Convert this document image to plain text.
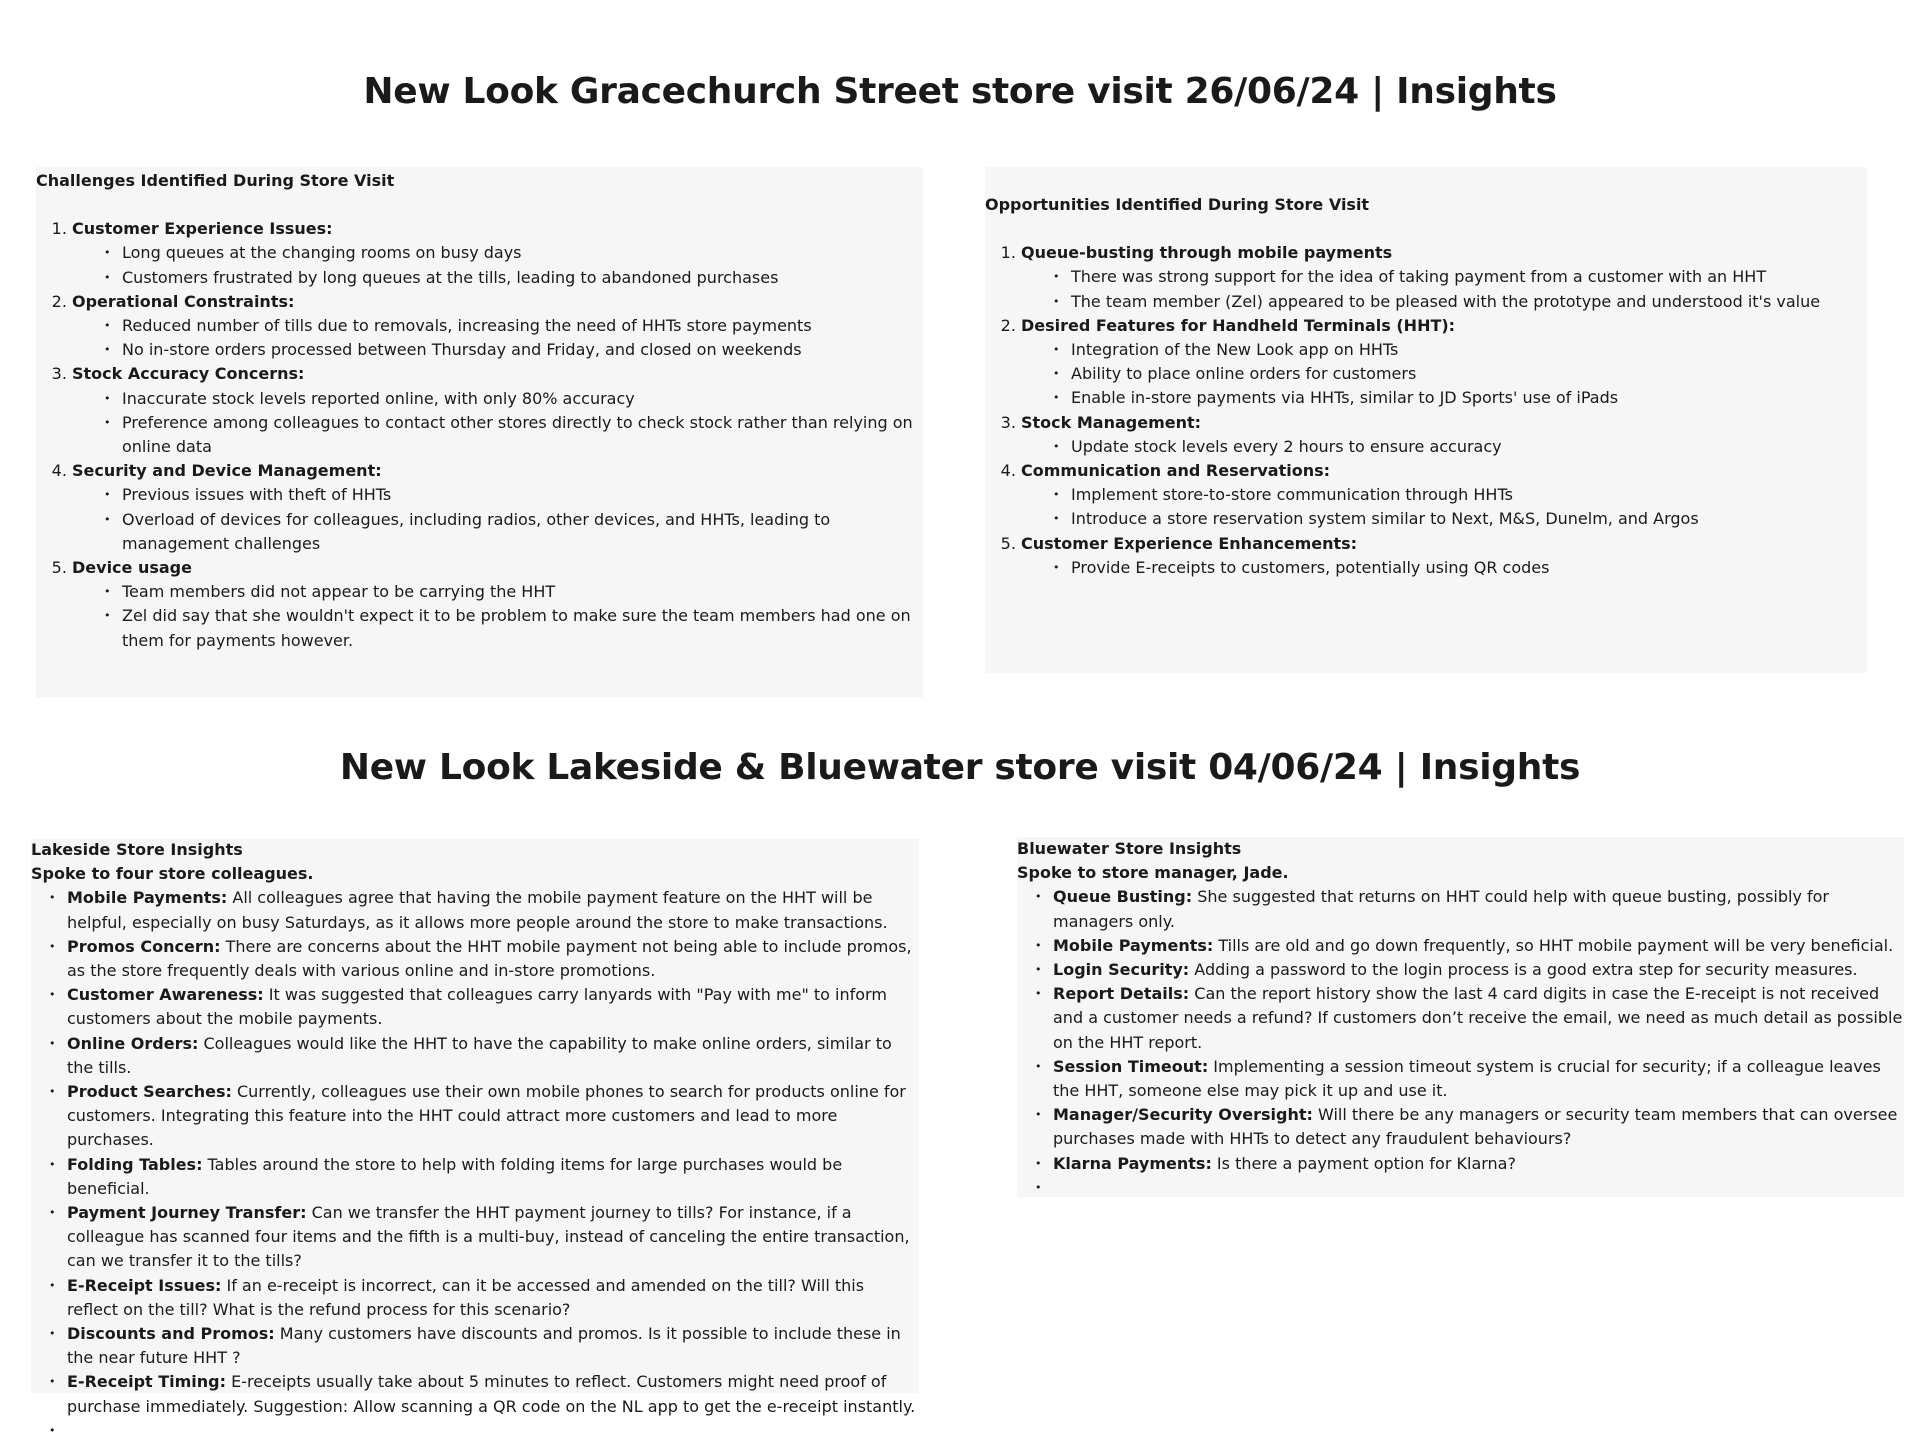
New Look Gracechurch Street store visit 26/06/24 | Insights
Challenges Identified During Store Visit
1. Customer Experience Issues:
• Long queues at the changing rooms on busy days
• Customers frustrated by long queues at the tills, leading to abandoned purchases
2. Operational Constraints:
• Reduced number of tills due to removals, increasing the need of HHTs store payments
• No in-store orders processed between Thursday and Friday, and closed on weekends
3. Stock Accuracy Concerns:
• Inaccurate stock levels reported online, with only 80% accuracy
• Preference among colleagues to contact other stores directly to check stock rather than relying on online data
4. Security and Device Management:
• Previous issues with theft of HHTs
• Overload of devices for colleagues, including radios, other devices, and HHTs, leading to management challenges
5. Device usage
• Team members did not appear to be carrying the HHT
• Zel did say that she wouldn't expect it to be problem to make sure the team members had one on them for payments however.
Opportunities Identified During Store Visit
1. Queue-busting through mobile payments
• There was strong support for the idea of taking payment from a customer with an HHT
• The team member (Zel) appeared to be pleased with the prototype and understood it's value
2. Desired Features for Handheld Terminals (HHT):
• Integration of the New Look app on HHTs
• Ability to place online orders for customers
• Enable in-store payments via HHTs, similar to JD Sports' use of iPads
3. Stock Management:
• Update stock levels every 2 hours to ensure accuracy
4. Communication and Reservations:
• Implement store-to-store communication through HHTs
• Introduce a store reservation system similar to Next, M&S, Dunelm, and Argos
5. Customer Experience Enhancements:
• Provide E-receipts to customers, potentially using QR codes
New Look Lakeside & Bluewater store visit 04/06/24 | Insights
Lakeside Store Insights
Spoke to four store colleagues.
• Mobile Payments: All colleagues agree that having the mobile payment feature on the HHT will be helpful, especially on busy Saturdays, as it allows more people around the store to make transactions.
• Promos Concern: There are concerns about the HHT mobile payment not being able to include promos, as the store frequently deals with various online and in-store promotions.
• Customer Awareness: It was suggested that colleagues carry lanyards with "Pay with me" to inform customers about the mobile payments.
• Online Orders: Colleagues would like the HHT to have the capability to make online orders, similar to the tills.
• Product Searches: Currently, colleagues use their own mobile phones to search for products online for customers. Integrating this feature into the HHT could attract more customers and lead to more purchases.
• Folding Tables: Tables around the store to help with folding items for large purchases would be beneficial.
• Payment Journey Transfer: Can we transfer the HHT payment journey to tills? For instance, if a colleague has scanned four items and the fifth is a multi-buy, instead of canceling the entire transaction, can we transfer it to the tills?
• E-Receipt Issues: If an e-receipt is incorrect, can it be accessed and amended on the till? Will this reflect on the till? What is the refund process for this scenario?
• Discounts and Promos: Many customers have discounts and promos. Is it possible to include these in the near future HHT ?
• E-Receipt Timing: E-receipts usually take about 5 minutes to reflect. Customers might need proof of purchase immediately. Suggestion: Allow scanning a QR code on the NL app to get the e-receipt instantly.
•
Bluewater Store Insights
Spoke to store manager, Jade.
• Queue Busting: She suggested that returns on HHT could help with queue busting, possibly for managers only.
• Mobile Payments: Tills are old and go down frequently, so HHT mobile payment will be very beneficial.
• Login Security: Adding a password to the login process is a good extra step for security measures.
• Report Details: Can the report history show the last 4 card digits in case the E-receipt is not received and a customer needs a refund? If customers don’t receive the email, we need as much detail as possible on the HHT report.
• Session Timeout: Implementing a session timeout system is crucial for security; if a colleague leaves the HHT, someone else may pick it up and use it.
• Manager/Security Oversight: Will there be any managers or security team members that can oversee purchases made with HHTs to detect any fraudulent behaviours?
• Klarna Payments: Is there a payment option for Klarna?
•
